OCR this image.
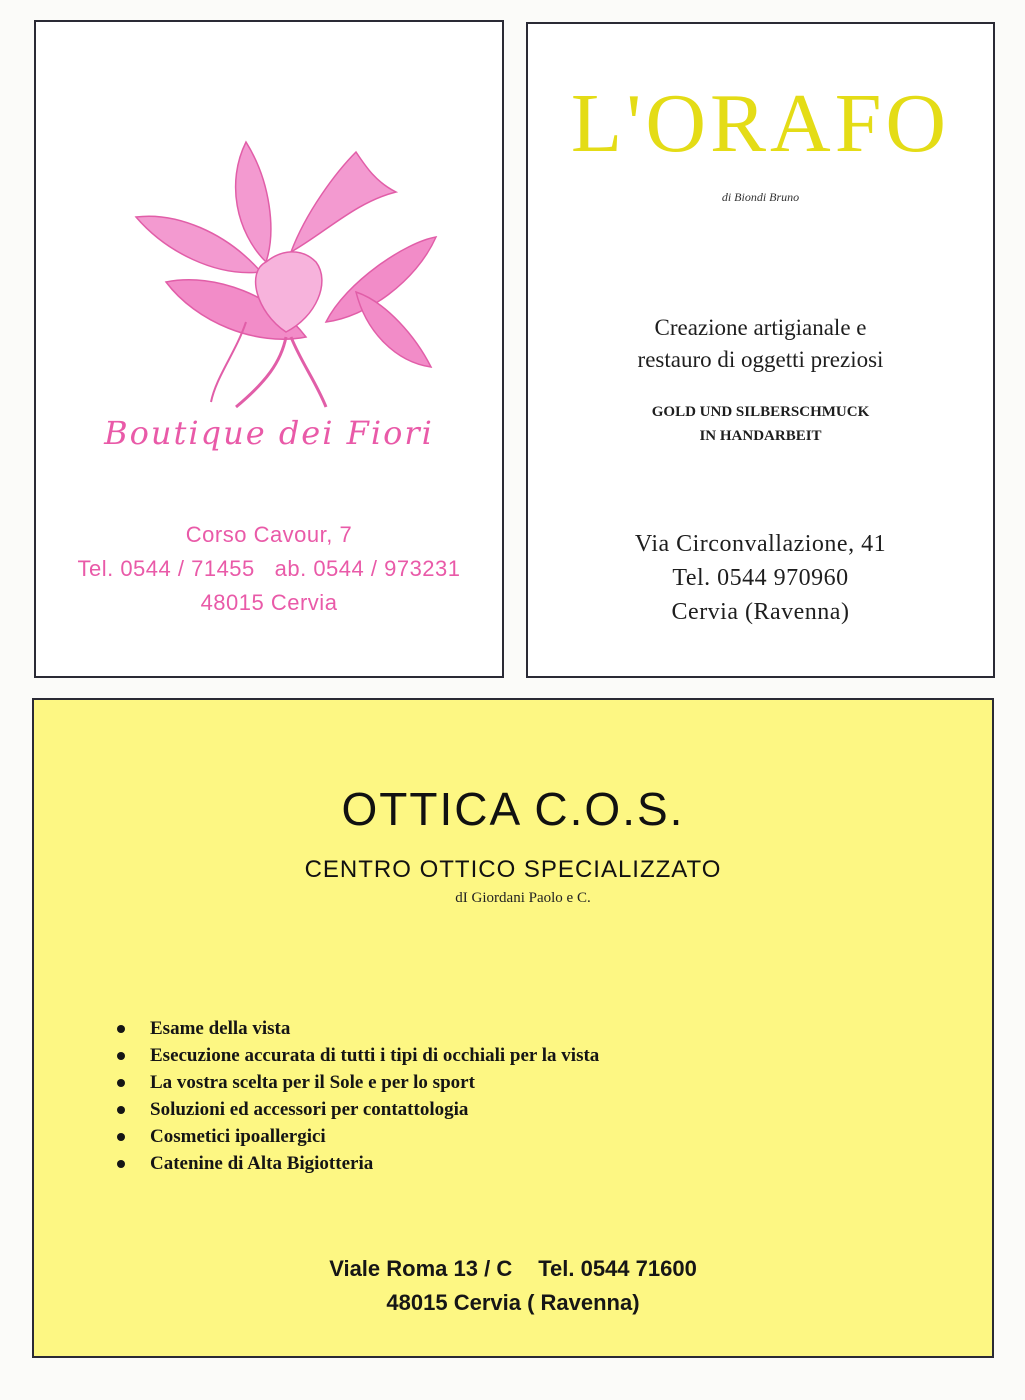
Boutique dei Fiori
Corso Cavour, 7
Tel. 0544 / 71455 ab. 0544 / 973231
48015 Cervia
L'ORAFO
di Biondi Bruno
Creazione artigianale e
restauro di oggetti preziosi
GOLD UND SILBERSCHMUCK
IN HANDARBEIT
Via Circonvallazione, 41
Tel. 0544 970960
Cervia (Ravenna)
OTTICA C.O.S.
CENTRO OTTICO SPECIALIZZATO
dI Giordani Paolo e C.
Esame della vista
Esecuzione accurata di tutti i tipi di occhiali per la vista
La vostra scelta per il Sole e per lo sport
Soluzioni ed accessori per contattologia
Cosmetici ipoallergici
Catenine di Alta Bigiotteria
Viale Roma 13 / C Tel. 0544 71600
48015 Cervia ( Ravenna)
